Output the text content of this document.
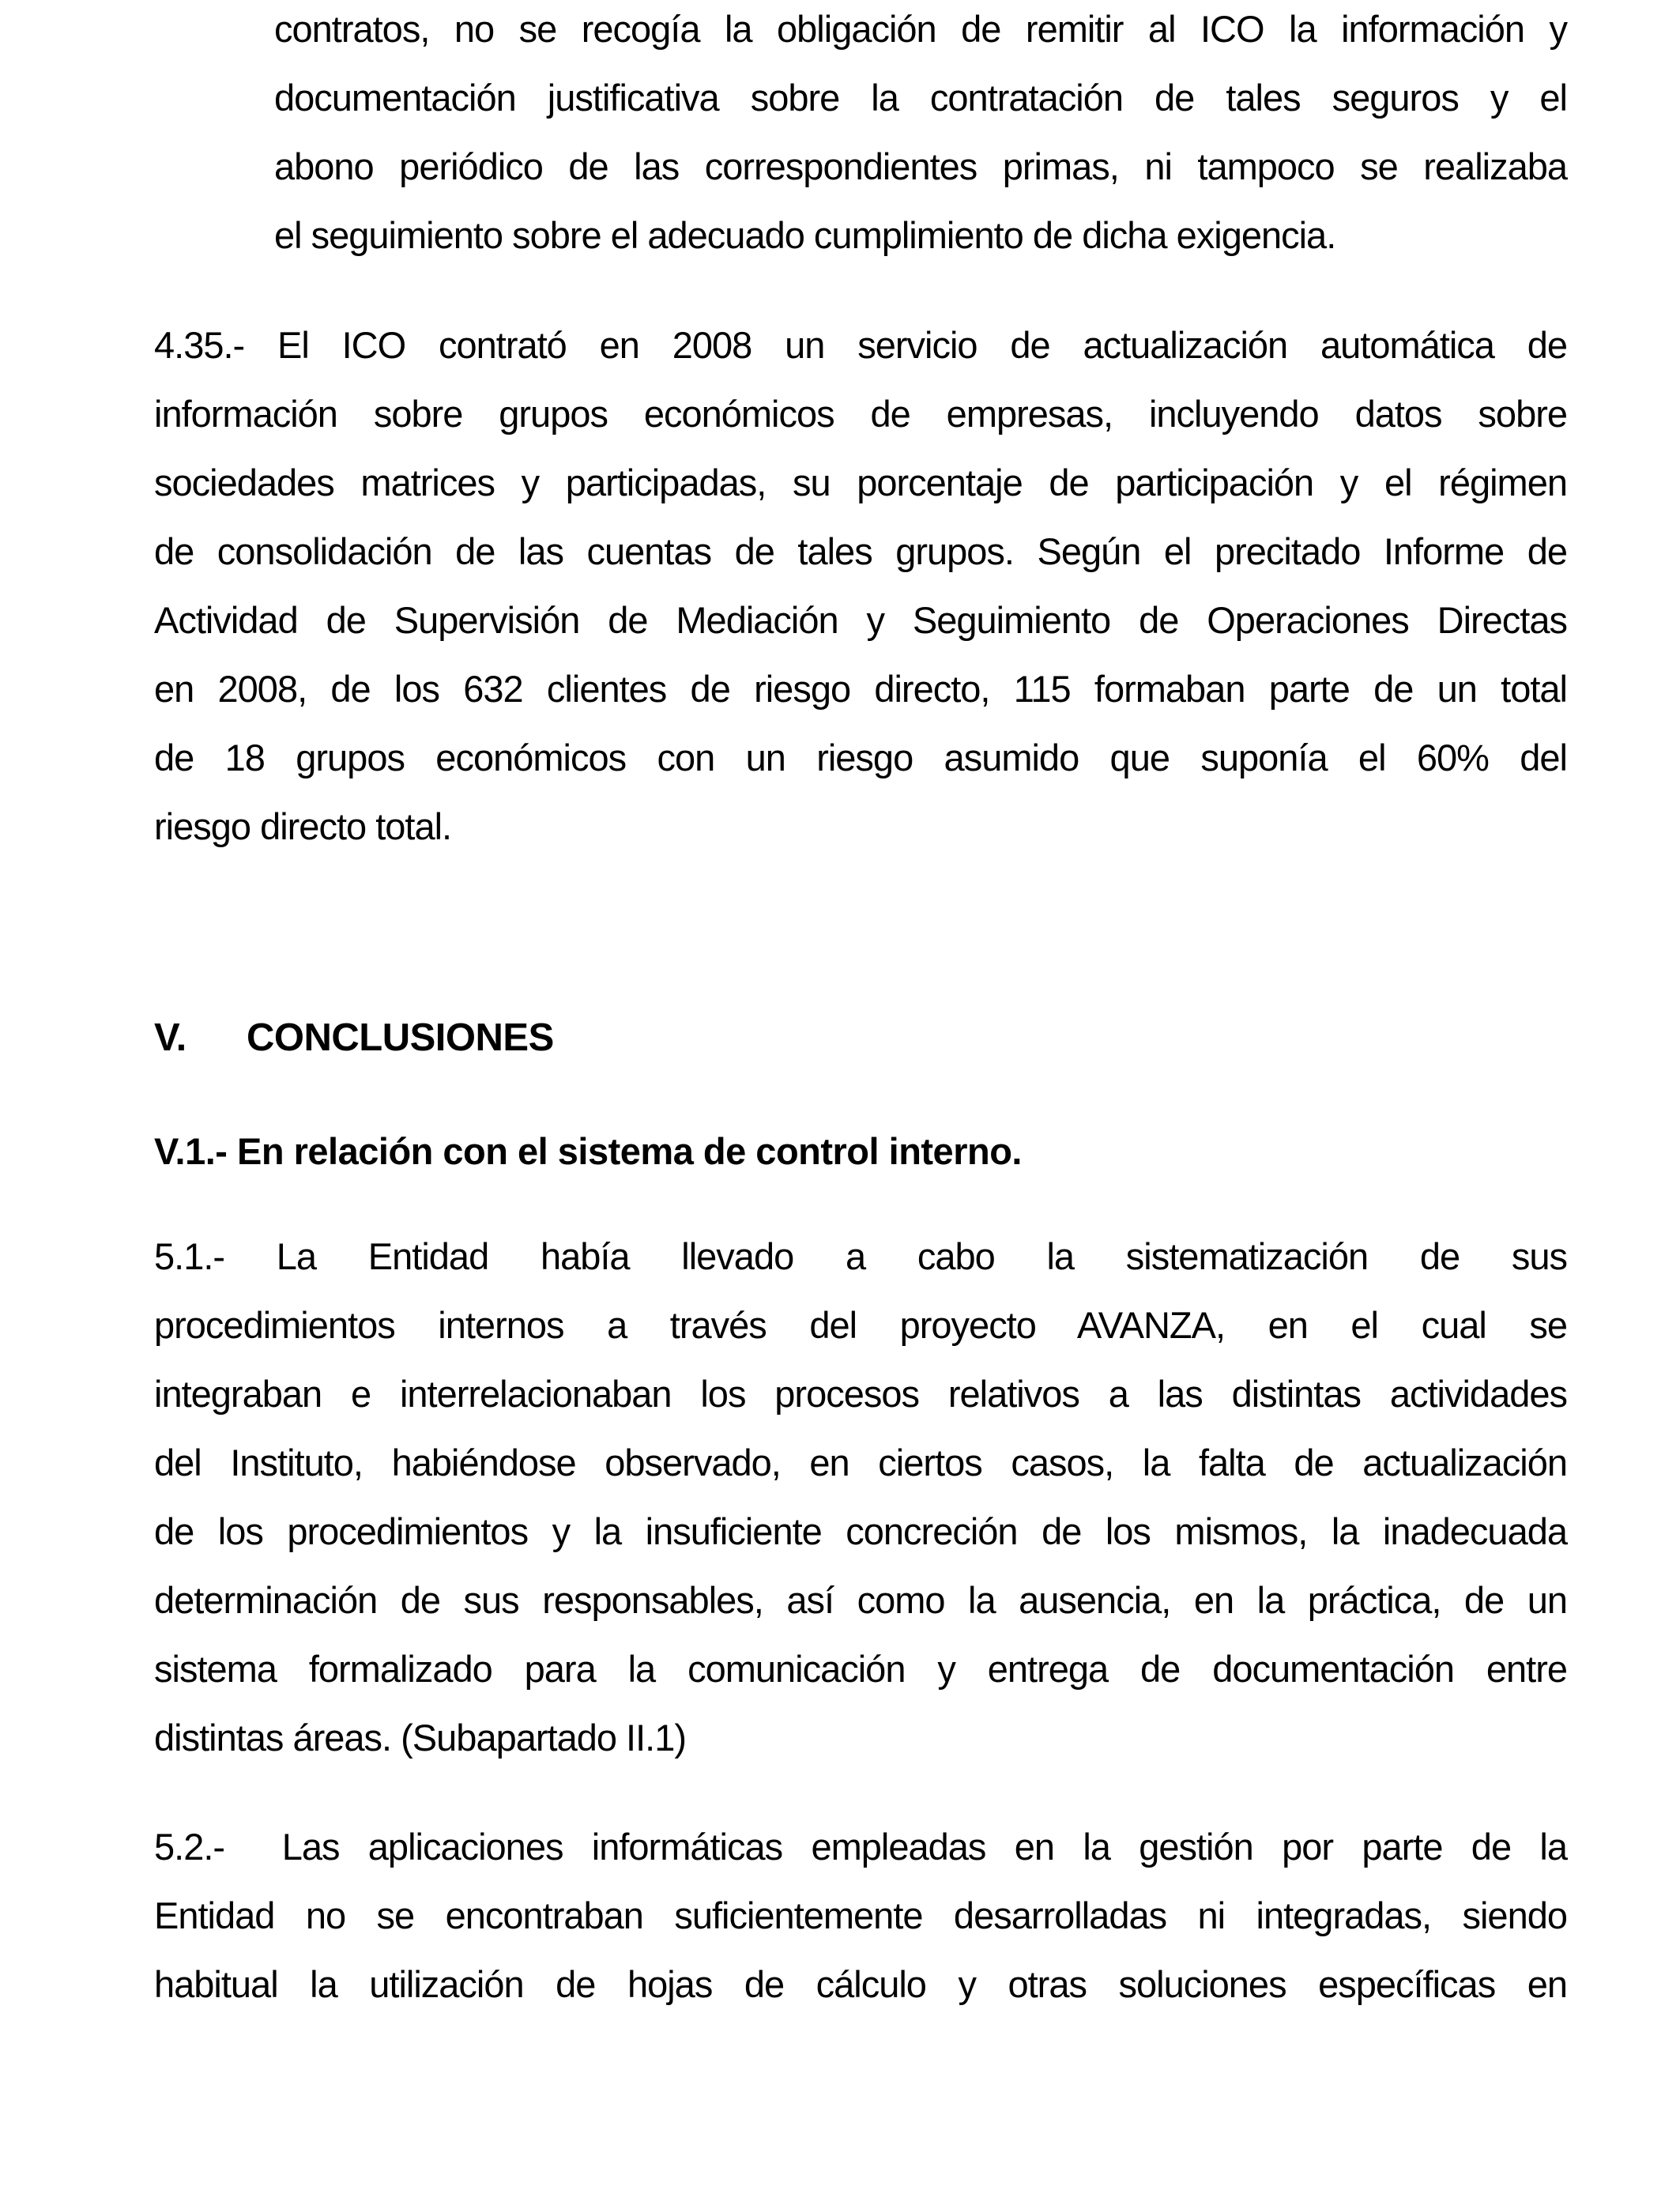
contratos, no se recogía la obligación de remitir al ICO la información y
documentación justificativa sobre la contratación de tales seguros y el
abono periódico de las correspondientes primas, ni tampoco se realizaba
el seguimiento sobre el adecuado cumplimiento de dicha exigencia.
4.35.- El ICO contrató en 2008 un servicio de actualización automática de
información sobre grupos económicos de empresas, incluyendo datos sobre
sociedades matrices y participadas, su porcentaje de participación y el régimen
de consolidación de las cuentas de tales grupos. Según el precitado Informe de
Actividad de Supervisión de Mediación y Seguimiento de Operaciones Directas
en 2008, de los 632 clientes de riesgo directo, 115 formaban parte de un total
de 18 grupos económicos con un riesgo asumido que suponía el 60% del
riesgo directo total.
V. CONCLUSIONES
V.1.- En relación con el sistema de control interno.
5.1.- La Entidad había llevado a cabo la sistematización de sus
procedimientos internos a través del proyecto AVANZA, en el cual se
integraban e interrelacionaban los procesos relativos a las distintas actividades
del Instituto, habiéndose observado, en ciertos casos, la falta de actualización
de los procedimientos y la insuficiente concreción de los mismos, la inadecuada
determinación de sus responsables, así como la ausencia, en la práctica, de un
sistema formalizado para la comunicación y entrega de documentación entre
distintas áreas. (Subapartado II.1)
5.2.-  Las aplicaciones informáticas empleadas en la gestión por parte de la
Entidad no se encontraban suficientemente desarrolladas ni integradas, siendo
habitual la utilización de hojas de cálculo y otras soluciones específicas en
